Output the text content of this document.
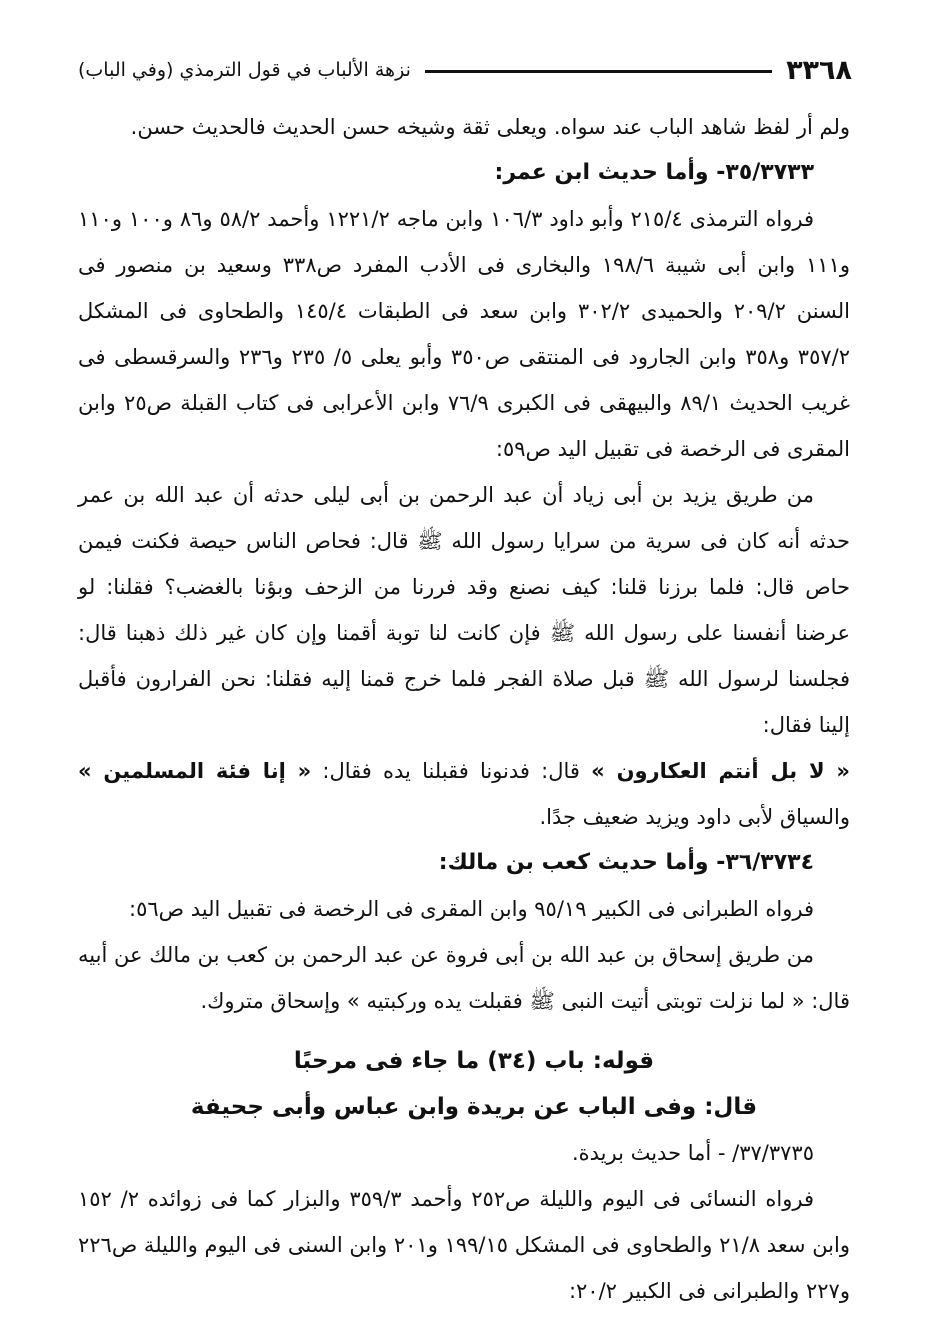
٣٣٦٨
نزهة الألباب في قول الترمذي (وفي الباب)

ولم أر لفظ شاهد الباب عند سواه. ويعلى ثقة وشيخه حسن الحديث فالحديث حسن.

٣٥/٣٧٣٣- وأما حديث ابن عمر:

فرواه الترمذى ٢١٥/٤ وأبو داود ١٠٦/٣ وابن ماجه ١٢٢١/٢ وأحمد ٥٨/٢ و٨٦ و١٠٠ و١١٠ و١١١ وابن أبى شيبة ١٩٨/٦ والبخارى فى الأدب المفرد ص٣٣٨ وسعيد بن منصور فى السنن ٢٠٩/٢ والحميدى ٣٠٢/٢ وابن سعد فى الطبقات ١٤٥/٤ والطحاوى فى المشكل ٣٥٧/٢ و٣٥٨ وابن الجارود فى المنتقى ص٣٥٠ وأبو يعلى ٥/ ٢٣٥ و٢٣٦ والسرقسطى فى غريب الحديث ٨٩/١ والبيهقى فى الكبرى ٧٦/٩ وابن الأعرابى فى كتاب القبلة ص٢٥ وابن المقرى فى الرخصة فى تقبيل اليد ص٥٩:

من طريق يزيد بن أبى زياد أن عبد الرحمن بن أبى ليلى حدثه أن عبد الله بن عمر حدثه أنه كان فى سرية من سرايا رسول الله ﷺ قال: فحاص الناس حيصة فكنت فيمن حاص قال: فلما برزنا قلنا: كيف نصنع وقد فررنا من الزحف وبؤنا بالغضب؟ فقلنا: لو عرضنا أنفسنا على رسول الله ﷺ فإن كانت لنا توبة أقمنا وإن كان غير ذلك ذهبنا قال: فجلسنا لرسول الله ﷺ قبل صلاة الفجر فلما خرج قمنا إليه فقلنا: نحن الفرارون فأقبل إلينا فقال:

« لا بل أنتم العكارون » قال: فدنونا فقبلنا يده فقال: « إنا فئة المسلمين » والسياق لأبى داود ويزيد ضعيف جدًا.

٣٦/٣٧٣٤- وأما حديث كعب بن مالك:

فرواه الطبرانى فى الكبير ٩٥/١٩ وابن المقرى فى الرخصة فى تقبيل اليد ص٥٦:

من طريق إسحاق بن عبد الله بن أبى فروة عن عبد الرحمن بن كعب بن مالك عن أبيه قال: « لما نزلت توبتى أتيت النبى ﷺ فقبلت يده وركبتيه » وإسحاق متروك.

قوله: باب (٣٤) ما جاء فى مرحبًا

قال: وفى الباب عن بريدة وابن عباس وأبى جحيفة

٣٧/٣٧٣٥/ - أما حديث بريدة.

فرواه النسائى فى اليوم والليلة ص٢٥٢ وأحمد ٣٥٩/٣ والبزار كما فى زوائده ٢/ ١٥٢ وابن سعد ٢١/٨ والطحاوى فى المشكل ١٩٩/١٥ و٢٠١ وابن السنى فى اليوم والليلة ص٢٢٦ و٢٢٧ والطبرانى فى الكبير ٢٠/٢:
